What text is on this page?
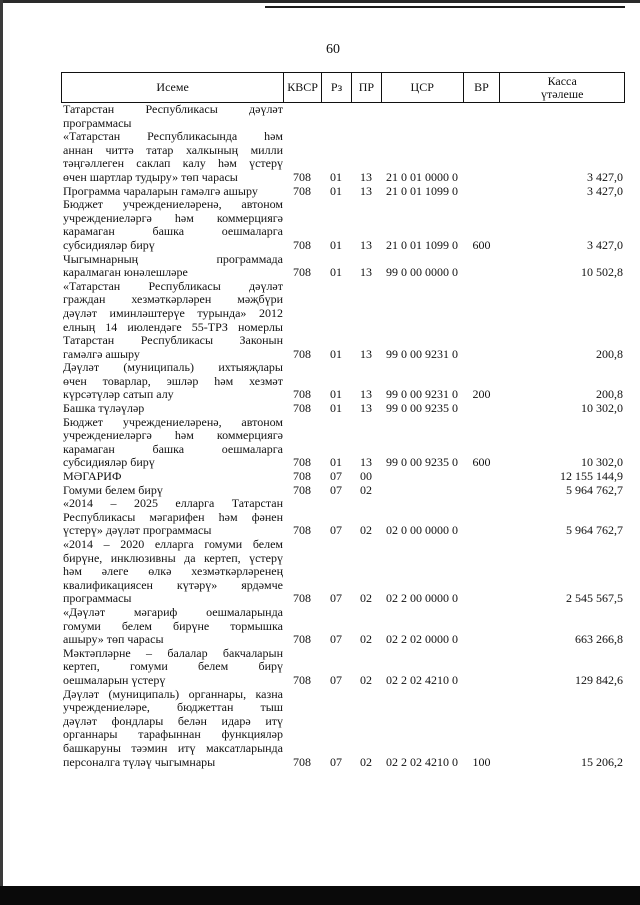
60
Исеме	КВСР	Рз	ПР	ЦСР	ВР	Касса
үтәлеше
Татарстан Республикасы дәүләт
программасы
«Татарстан Республикасында һәм
аннан читтә татар халкының милли
тәңгәллеген саклап калу һәм үстерү
өчен шартлар тудыру» төп чарасы	708	01	13	21 0 01 0000 0	3 427,0
Программа чараларын гамәлгә ашыру	708	01	13	21 0 01 1099 0	3 427,0
Бюджет учреждениеләренә, автоном
учреждениеләргә һәм коммерциягә
карамаган башка оешмаларга
субсидияләр бирү	708	01	13	21 0 01 1099 0	600	3 427,0
Чыгымнарның программада
каралмаган юнәлешләре	708	01	13	99 0 00 0000 0	10 502,8
«Татарстан Республикасы дәүләт
граждан хезмәткәрләрен мәҗбүри
дәүләт иминләштерүе турында» 2012
елның 14 июлендәге 55-ТРЗ номерлы
Татарстан Республикасы Законын
гамәлгә ашыру	708	01	13	99 0 00 9231 0	200,8
Дәүләт (муниципаль) ихтыяҗлары
өчен товарлар, эшләр һәм хезмәт
күрсәтүләр сатып алу	708	01	13	99 0 00 9231 0	200	200,8
Башка түләүләр	708	01	13	99 0 00 9235 0	10 302,0
Бюджет учреждениеләренә, автоном
учреждениеләргә һәм коммерциягә
карамаган башка оешмаларга
субсидияләр бирү	708	01	13	99 0 00 9235 0	600	10 302,0
МӘГАРИФ	708	07	00	12 155 144,9
Гомуми белем бирү	708	07	02	5 964 762,7
«2014 – 2025 елларга Татарстан
Республикасы мәгарифен һәм фәнен
үстерү» дәүләт программасы	708	07	02	02 0 00 0000 0	5 964 762,7
«2014 – 2020 елларга гомуми белем
бирүне, инклюзивны да кертеп, үстерү
һәм әлеге өлкә хезмәткәрләренең
квалификациясен күтәрү» ярдәмче
программасы	708	07	02	02 2 00 0000 0	2 545 567,5
«Дәүләт мәгариф оешмаларында
гомуми белем бирүне тормышка
ашыру» төп чарасы	708	07	02	02 2 02 0000 0	663 266,8
Мәктәпләрне – балалар бакчаларын
кертеп, гомуми белем бирү
оешмаларын үстерү	708	07	02	02 2 02 4210 0	129 842,6
Дәүләт (муниципаль) органнары, казна
учреждениеләре, бюджеттан тыш
дәүләт фондлары белән идарә итү
органнары тарафыннан функцияләр
башкаруны тәэмин итү максатларында
персоналга түләү чыгымнары	708	07	02	02 2 02 4210 0	100	15 206,2
